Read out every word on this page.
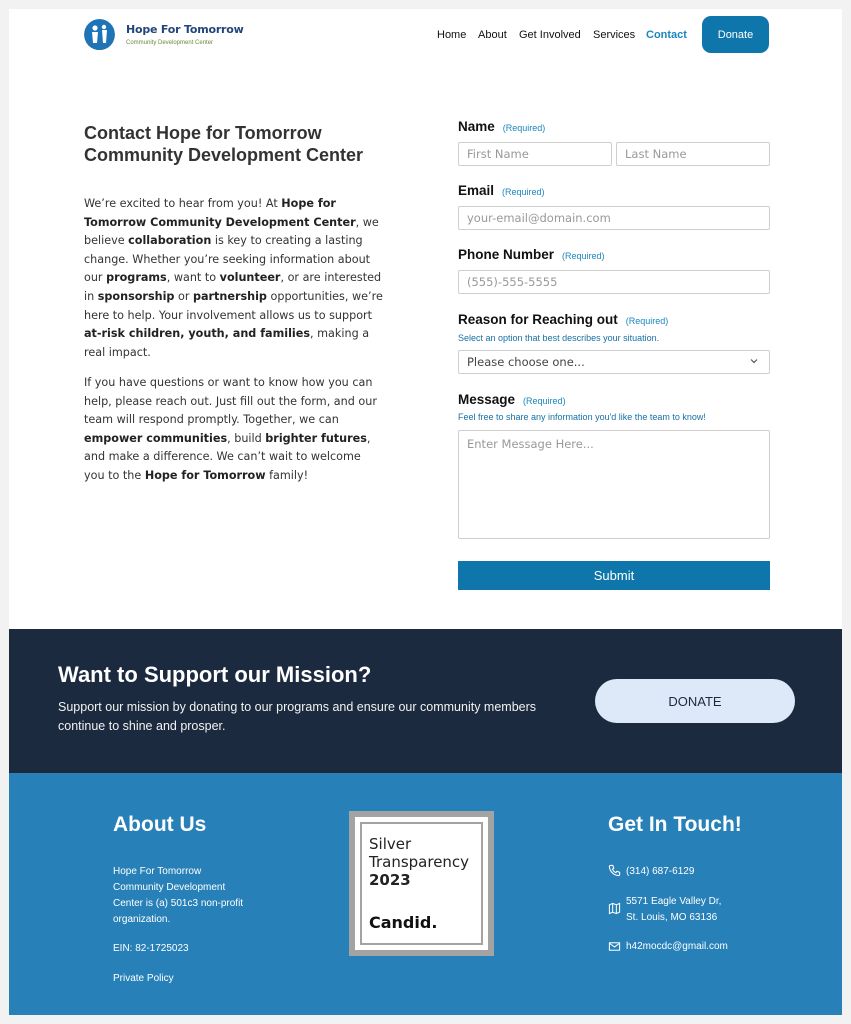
Hope For Tomorrow
Community Development Center
Home About Get Involved Services Contact	Donate
Contact Hope for Tomorrow Community Development Center

We’re excited to hear from you! At Hope for Tomorrow Community Development Center, we believe collaboration is key to creating a lasting change. Whether you’re seeking information about our programs, want to volunteer, or are interested in sponsorship or partnership opportunities, we’re here to help. Your involvement allows us to support at-risk children, youth, and families, making a real impact.

If you have questions or want to know how you can help, please reach out. Just fill out the form, and our team will respond promptly. Together, we can empower communities, build brighter futures, and make a difference. We can’t wait to welcome you to the Hope for Tomorrow family!

Name (Required)
First Name	Last Name
Email (Required)
your-email@domain.com
Phone Number (Required)
(555)-555-5555
Reason for Reaching out (Required)
Select an option that best describes your situation.
Please choose one...
Message (Required)
Feel free to share any information you'd like the team to know!
Enter Message Here...
Submit
Want to Support our Mission?

Support our mission by donating to our programs and ensure our community members continue to shine and prosper.

DONATE
About Us

Hope For Tomorrow Community Development Center is (a) 501c3 non-profit organization.

EIN: 82-1725023

Private Policy
Silver
Transparency
2023
Candid.
Get In Touch!
(314) 687-6129

5571 Eagle Valley Dr,

St. Louis, MO 63136

h42mocdc@gmail.com
